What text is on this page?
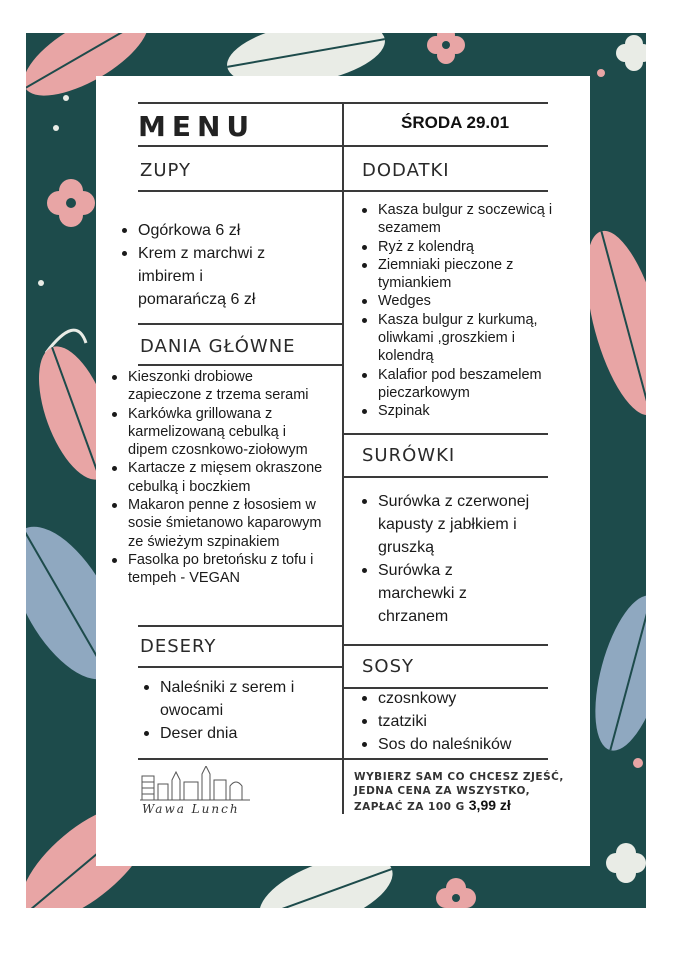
MENU	ŚRODA 29.01
ZUPY
Ogórkowa 6 zł
Krem z marchwi z imbirem i pomarańczą 6 zł
DANIA GŁÓWNE
Kieszonki drobiowe zapieczone z trzema serami
Karkówka grillowana z karmelizowaną cebulką i dipem czosnkowo-ziołowym
Kartacze z mięsem okraszone cebulką i boczkiem
Makaron penne z łososiem w sosie śmietanowo kaparowym ze świeżym szpinakiem
Fasolka po bretońsku z tofu i tempeh - VEGAN
DESERY
Naleśniki z serem i owocami
Deser dnia
DODATKI
Kasza bulgur z soczewicą i sezamem
Ryż z kolendrą
Ziemniaki pieczone z tymiankiem
Wedges
Kasza bulgur z kurkumą, oliwkami ,groszkiem i kolendrą
Kalafior pod beszamelem pieczarkowym
Szpinak
SURÓWKI
Surówka z czerwonej kapusty z jabłkiem i gruszką
Surówka z marchewki z chrzanem
SOSY
czosnkowy
tzatziki
Sos do naleśników
Wawa Lunch
WYBIERZ SAM CO CHCESZ ZJEŚĆ,
JEDNA CENA ZA WSZYSTKO,
ZAPŁAĆ ZA 100 G 3,99 zł
